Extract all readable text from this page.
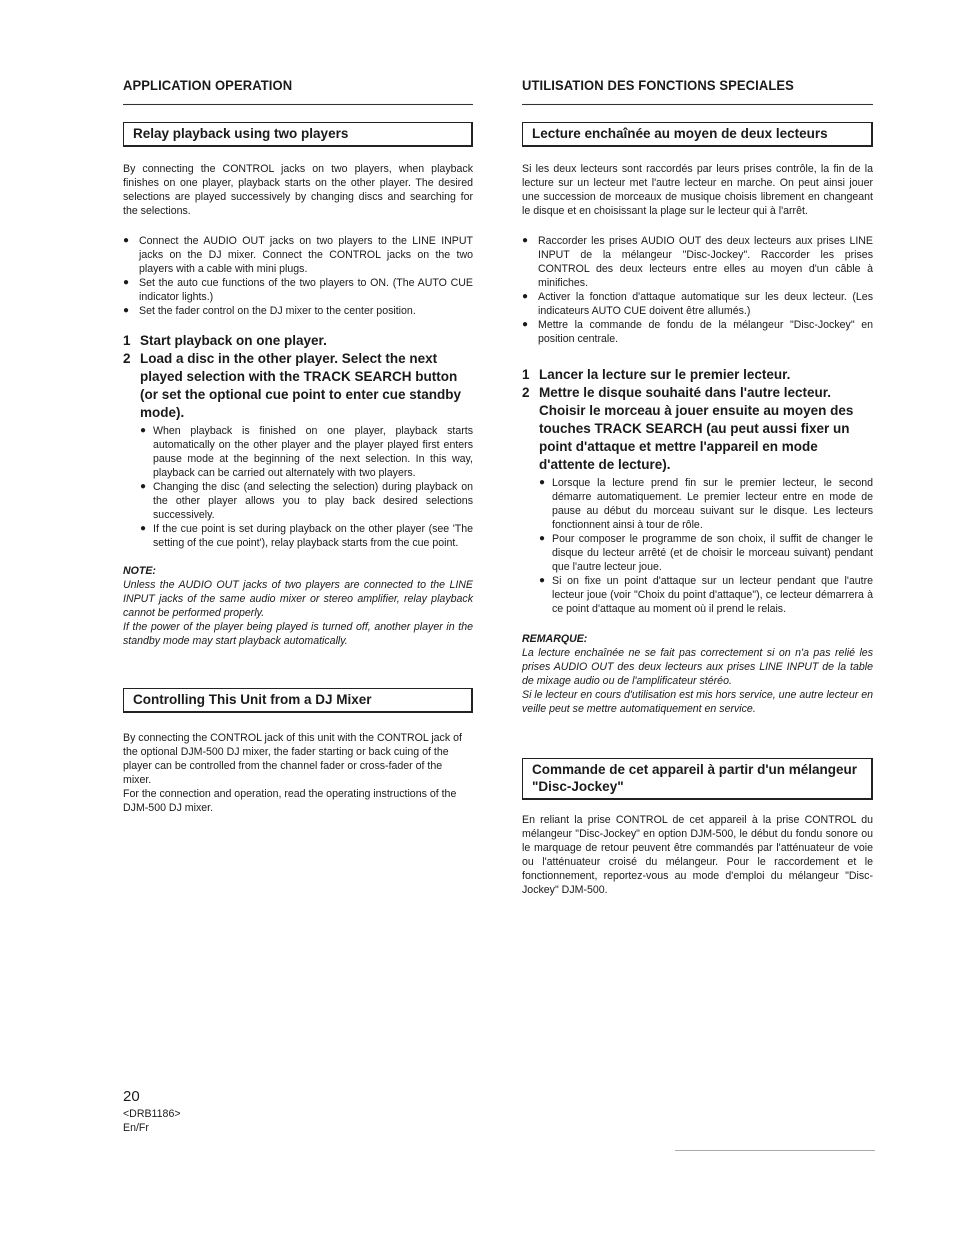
APPLICATION OPERATION
Relay playback using two players

By connecting the CONTROL jacks on two players, when playback finishes on one player, playback starts on the other player. The desired selections are played successively by changing discs and searching for the selections.

● Connect the AUDIO OUT jacks on two players to the LINE INPUT jacks on the DJ mixer. Connect the CONTROL jacks on the two players with a cable with mini plugs.
● Set the auto cue functions of the two players to ON. (The AUTO CUE indicator lights.)
● Set the fader control on the DJ mixer to the center position.
1 Start playback on one player.
2 Load a disc in the other player. Select the next played selection with the TRACK SEARCH button (or set the optional cue point to enter cue standby mode).
● When playback is finished on one player, playback starts automatically on the other player and the player played first enters pause mode at the beginning of the next selection. In this way, playback can be carried out alternately with two players.
● Changing the disc (and selecting the selection) during playback on the other player allows you to play back desired selections successively.
● If the cue point is set during playback on the other player (see 'The setting of the cue point'), relay playback starts from the cue point.
NOTE:

Unless the AUDIO OUT jacks of two players are connected to the LINE INPUT jacks of the same audio mixer or stereo amplifier, relay playback cannot be performed properly.

If the power of the player being played is turned off, another player in the standby mode may start playback automatically.

Controlling This Unit from a DJ Mixer

By connecting the CONTROL jack of this unit with the CONTROL jack of the optional DJM-500 DJ mixer, the fader starting or back cuing of the player can be controlled from the channel fader or cross-fader of the mixer.

For the connection and operation, read the operating instructions of the DJM-500 DJ mixer.

UTILISATION DES FONCTIONS SPECIALES
Lecture enchaînée au moyen de deux lecteurs

Si les deux lecteurs sont raccordés par leurs prises contrôle, la fin de la lecture sur un lecteur met l'autre lecteur en marche. On peut ainsi jouer une succession de morceaux de musique choisis librement en changeant le disque et en choisissant la plage sur le lecteur qui à l'arrêt.

● Raccorder les prises AUDIO OUT des deux lecteurs aux prises LINE INPUT de la mélangeur "Disc-Jockey". Raccorder les prises CONTROL des deux lecteurs entre elles au moyen d'un câble à minifiches.
● Activer la fonction d'attaque automatique sur les deux lecteur. (Les indicateurs AUTO CUE doivent être allumés.)
● Mettre la commande de fondu de la mélangeur "Disc-Jockey" en position centrale.
1 Lancer la lecture sur le premier lecteur.
2 Mettre le disque souhaité dans l'autre lecteur. Choisir le morceau à jouer ensuite au moyen des touches TRACK SEARCH (au peut aussi fixer un point d'attaque et mettre l'appareil en mode d'attente de lecture).
● Lorsque la lecture prend fin sur le premier lecteur, le second démarre automatiquement. Le premier lecteur entre en mode de pause au début du morceau suivant sur le disque. Les lecteurs fonctionnent ainsi à tour de rôle.
● Pour composer le programme de son choix, il suffit de changer le disque du lecteur arrêté (et de choisir le morceau suivant) pendant que l'autre lecteur joue.
● Si on fixe un point d'attaque sur un lecteur pendant que l'autre lecteur joue (voir "Choix du point d'attaque"), ce lecteur démarrera à ce point d'attaque au moment où il prend le relais.
REMARQUE:

La lecture enchaînée ne se fait pas correctement si on n'a pas relié les prises AUDIO OUT des deux lecteurs aux prises LINE INPUT de la table de mixage audio ou de l'amplificateur stéréo.

Si le lecteur en cours d'utilisation est mis hors service, une autre lecteur en veille peut se mettre automatiquement en service.

Commande de cet appareil à partir d'un mélangeur "Disc-Jockey"

En reliant la prise CONTROL de cet appareil à la prise CONTROL du mélangeur "Disc-Jockey" en option DJM-500, le début du fondu sonore ou le marquage de retour peuvent être commandés par l'atténuateur de voie ou l'atténuateur croisé du mélangeur. Pour le raccordement et le fonctionnement, reportez-vous au mode d'emploi du mélangeur "Disc-Jockey" DJM-500.

20
<DRB1186>
En/Fr
